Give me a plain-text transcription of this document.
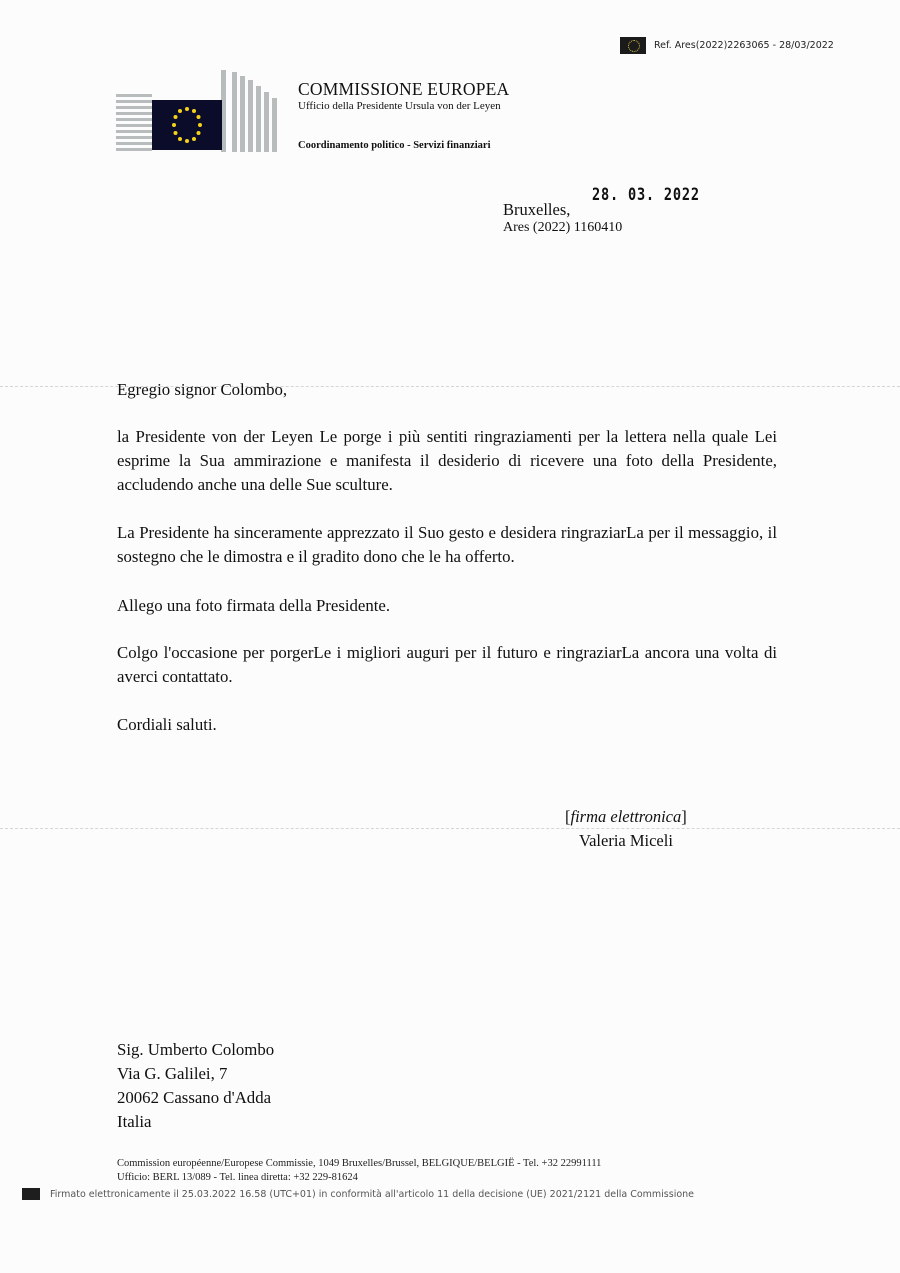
Ref. Ares(2022)2263065 - 28/03/2022
COMMISSIONE EUROPEA
Ufficio della Presidente Ursula von der Leyen
Coordinamento politico - Servizi finanziari
Bruxelles,
28. 03. 2022
Ares (2022) 1160410

Egregio signor Colombo,

la Presidente von der Leyen Le porge i più sentiti ringraziamenti per la lettera nella quale Lei esprime la Sua ammirazione e manifesta il desiderio di ricevere una foto della Presidente, accludendo anche una delle Sue sculture.

La Presidente ha sinceramente apprezzato il Suo gesto e desidera ringraziarLa per il messaggio, il sostegno che le dimostra e il gradito dono che le ha offerto.

Allego una foto firmata della Presidente.

Colgo l'occasione per porgerLe i migliori auguri per il futuro e ringraziarLa ancora una volta di averci contattato.

Cordiali saluti.

[firma elettronica]
Valeria Miceli
Sig. Umberto Colombo
Via G. Galilei, 7
20062 Cassano d'Adda
Italia
Commission européenne/Europese Commissie, 1049 Bruxelles/Brussel, BELGIQUE/BELGIË - Tel. +32 22991111
Ufficio: BERL 13/089 - Tel. linea diretta: +32 229-81624
Firmato elettronicamente il 25.03.2022 16.58 (UTC+01) in conformità all'articolo 11 della decisione (UE) 2021/2121 della Commissione
